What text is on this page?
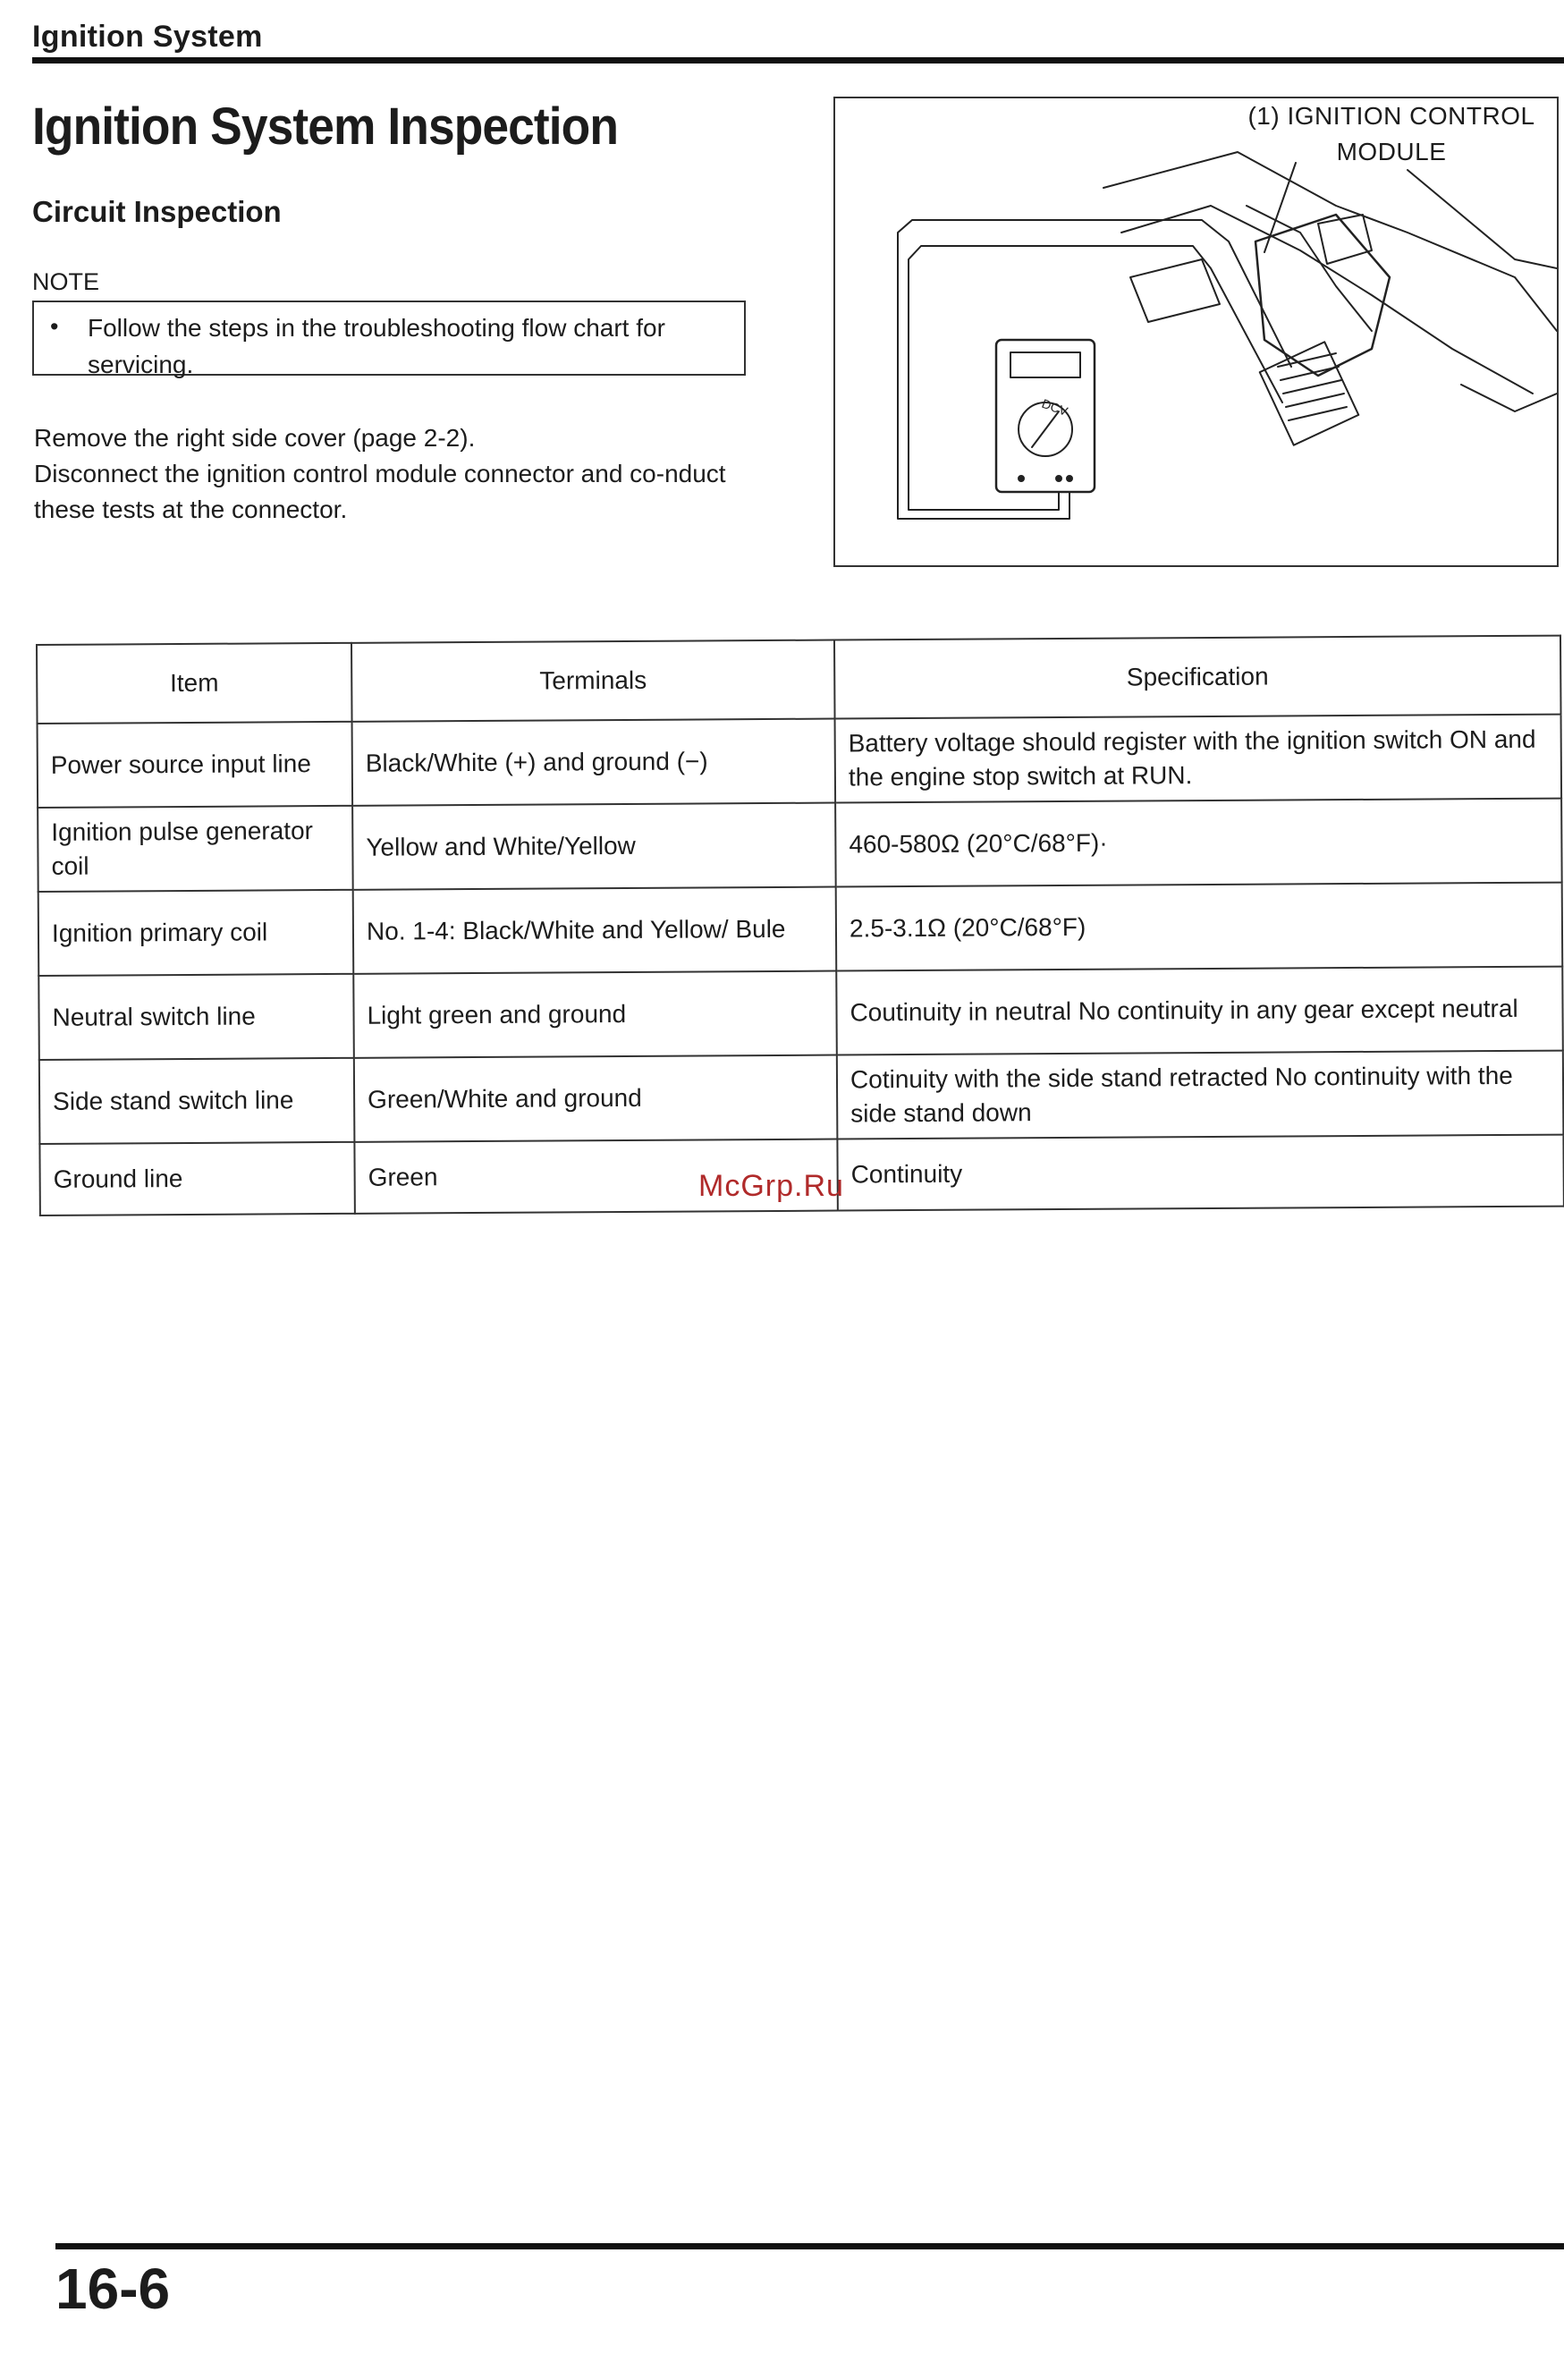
Ignition System
Ignition System Inspection
Circuit Inspection
NOTE
• Follow the steps in the troubleshooting flow chart for servicing.

Remove the right side cover (page 2-2).

Disconnect the ignition control module connector and co-nduct these tests at the connector.

DCV
(1) IGNITION CONTROL
MODULE
Item	Terminals	Specification
Power source input line	Black/White (+) and ground (−)	Battery voltage should register with the ignition switch ON and the engine stop switch at RUN.
Ignition pulse generator coil	Yellow and White/Yellow	460-580Ω (20°C/68°F)·
Ignition primary coil	No. 1-4: Black/White and Yellow/ Bule	2.5-3.1Ω (20°C/68°F)
Neutral switch line	Light green and ground	Coutinuity in neutral No continuity in any gear except neutral
Side stand switch line	Green/White and ground	Cotinuity with the side stand retracted No continuity with the side stand down
Ground line	Green	Continuity
McGrp.Ru
16-6
